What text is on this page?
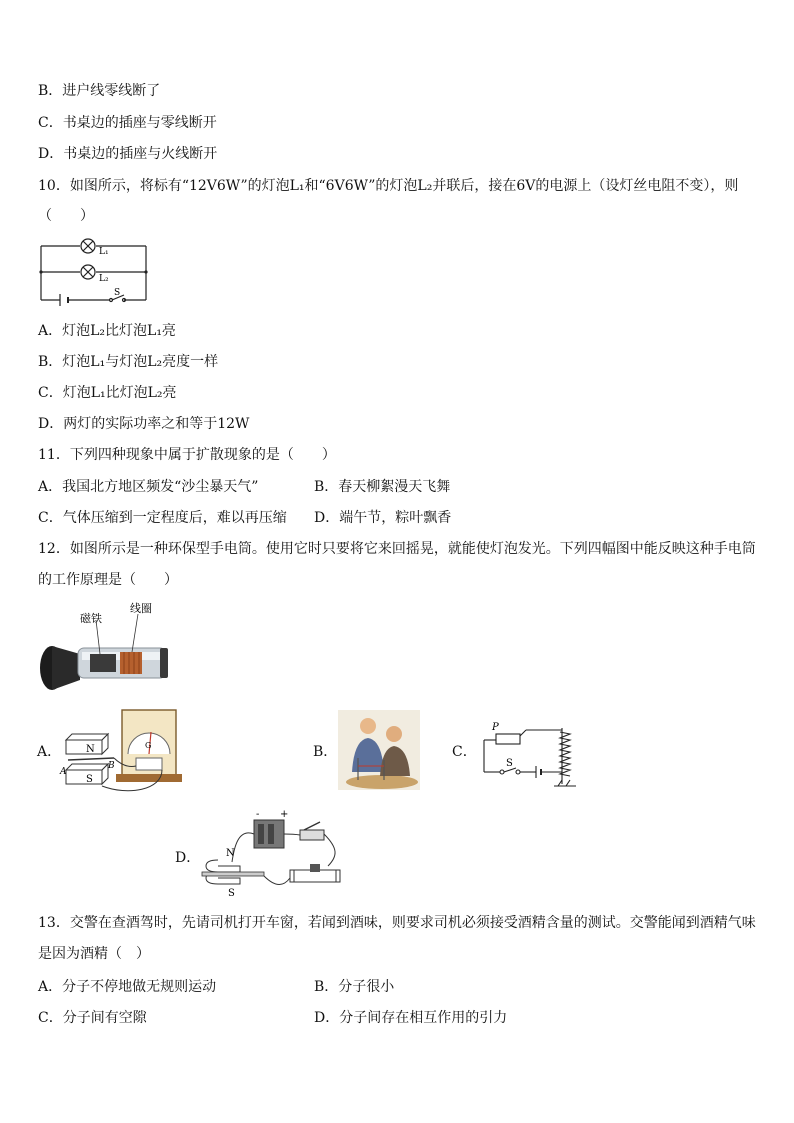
B．进户线零线断了
C．书桌边的插座与零线断开
D．书桌边的插座与火线断开
10．如图所示，将标有“12V6W”的灯泡L₁和“6V6W”的灯泡L₂并联后，接在6V的电源上（设灯丝电阻不变），则
（　　）
L₁
L₂
S
A．灯泡L₂比灯泡L₁亮
B．灯泡L₁与灯泡L₂亮度一样
C．灯泡L₁比灯泡L₂亮
D．两灯的实际功率之和等于12W
11．下列四种现象中属于扩散现象的是（　　）
A．我国北方地区频发“沙尘暴天气”	B．春天柳絮漫天飞舞
C．气体压缩到一定程度后，难以再压缩 D．端午节，粽叶飘香
12．如图所示是一种环保型手电筒。使用它时只要将它来回摇晃，就能使灯泡发光。下列四幅图中能反映这种手电筒
的工作原理是（　　）
磁铁
线圈
A． N
S
A
B
G	B．	C．
P
S
D．	N
S
- +
13．交警在查酒驾时，先请司机打开车窗，若闻到酒味，则要求司机必须接受酒精含量的测试。交警能闻到酒精气味
是因为酒精（　）
A．分子不停地做无规则运动	B．分子很小
C．分子间有空隙	D．分子间存在相互作用的引力
